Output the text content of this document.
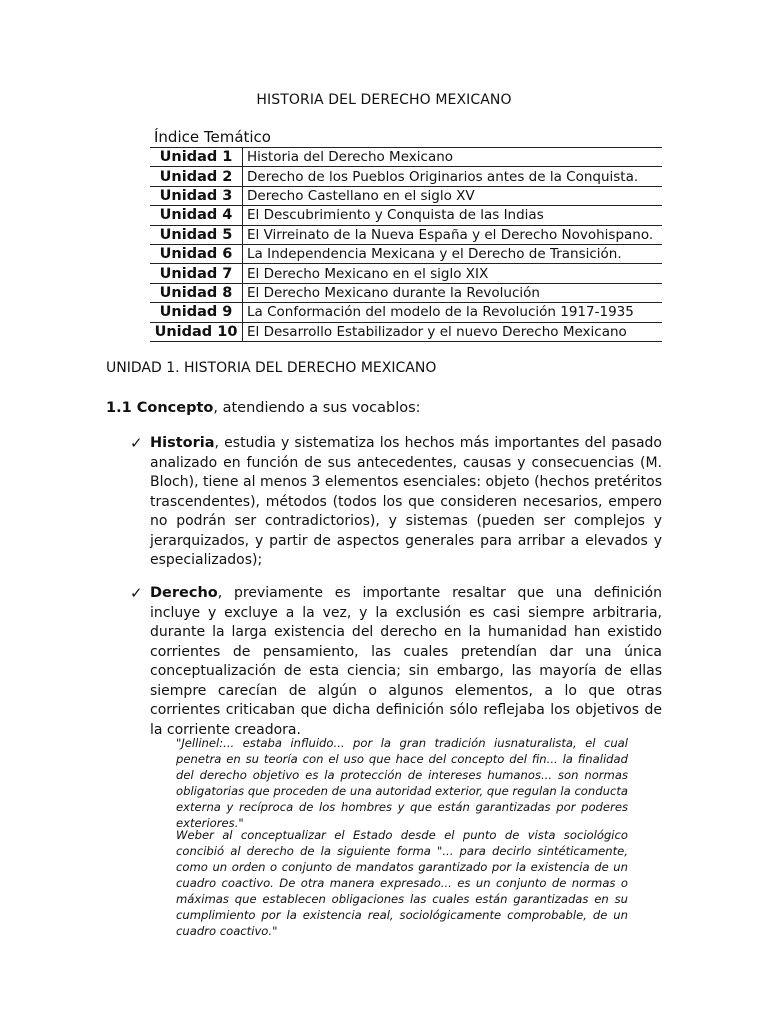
HISTORIA DEL DERECHO MEXICANO
Índice Temático
Unidad 1	Historia del Derecho Mexicano
Unidad 2	Derecho de los Pueblos Originarios antes de la Conquista.
Unidad 3	Derecho Castellano en el siglo XV
Unidad 4	El Descubrimiento y Conquista de las Indias
Unidad 5	El Virreinato de la Nueva España y el Derecho Novohispano.
Unidad 6	La Independencia Mexicana y el Derecho de Transición.
Unidad 7	El Derecho Mexicano en el siglo XIX
Unidad 8	El Derecho Mexicano durante la Revolución
Unidad 9	La Conformación del modelo de la Revolución 1917-1935
Unidad 10	El Desarrollo Estabilizador y el nuevo Derecho Mexicano
UNIDAD 1. HISTORIA DEL DERECHO MEXICANO
1.1 Concepto, atendiendo a sus vocablos:
✓ Historia, estudia y sistematiza los hechos más importantes del pasado analizado en función de sus antecedentes, causas y consecuencias (M. Bloch), tiene al menos 3 elementos esenciales: objeto (hechos pretéritos trascendentes), métodos (todos los que consideren necesarios, empero no podrán ser contradictorios), y sistemas (pueden ser complejos y jerarquizados, y partir de aspectos generales para arribar a elevados y especializados);
✓ Derecho, previamente es importante resaltar que una definición incluye y excluye a la vez, y la exclusión es casi siempre arbitraria, durante la larga existencia del derecho en la humanidad han existido corrientes de pensamiento, las cuales pretendían dar una única conceptualización de esta ciencia; sin embargo, las mayoría de ellas siempre carecían de algún o algunos elementos, a lo que otras corrientes criticaban que dicha definición sólo reflejaba los objetivos de la corriente creadora.
"Jellinel:... estaba influido... por la gran tradición iusnaturalista, el cual penetra en su teoría con el uso que hace del concepto del fin... la finalidad del derecho objetivo es la protección de intereses humanos... son normas obligatorias que proceden de una autoridad exterior, que regulan la conducta externa y recíproca de los hombres y que están garantizadas por poderes exteriores."
Weber al conceptualizar el Estado desde el punto de vista sociológico concibió al derecho de la siguiente forma "... para decirlo sintéticamente, como un orden o conjunto de mandatos garantizado por la existencia de un cuadro coactivo. De otra manera expresado... es un conjunto de normas o máximas que establecen obligaciones las cuales están garantizadas en su cumplimiento por la existencia real, sociológicamente comprobable, de un cuadro coactivo."
